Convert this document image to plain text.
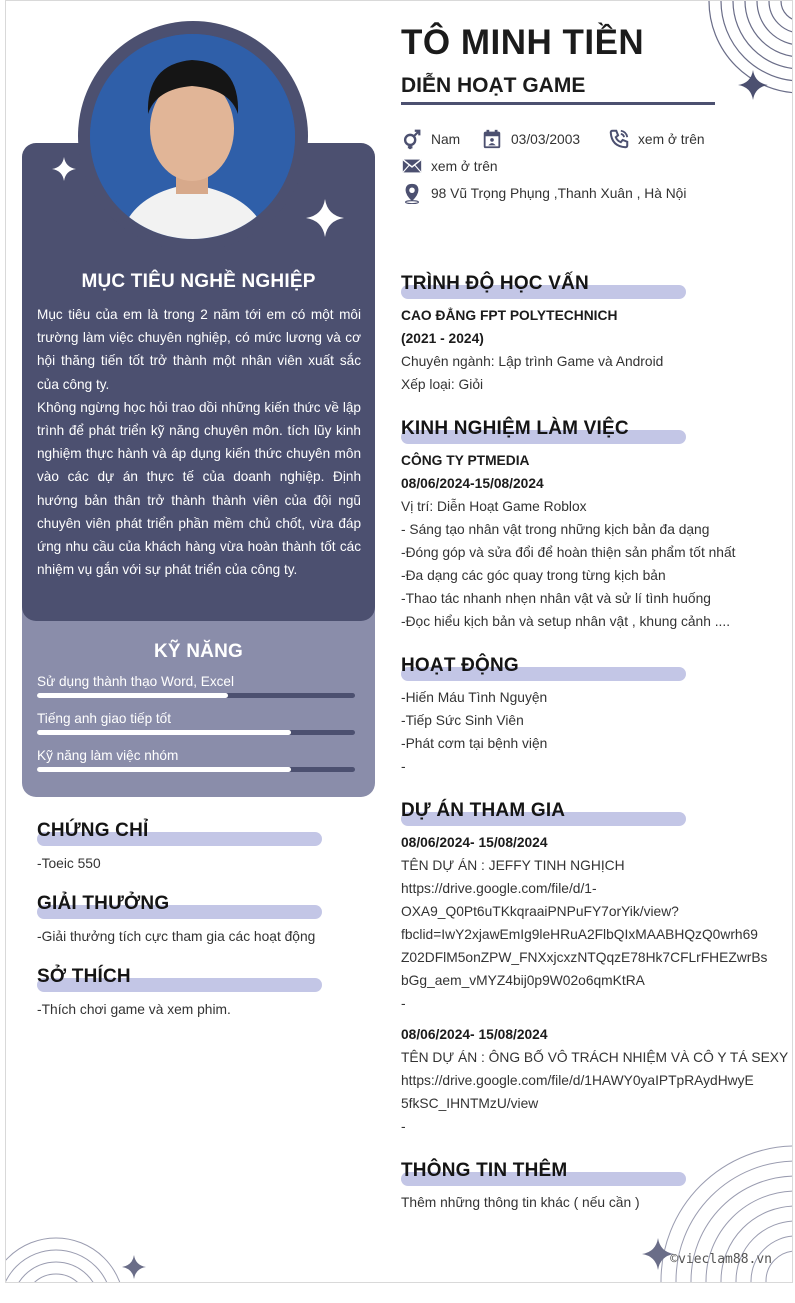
MỤC TIÊU NGHỀ NGHIỆP

Mục tiêu của em là trong 2 năm tới em có một môi trường làm việc chuyên nghiệp, có mức lương và cơ hội thăng tiến tốt trở thành một nhân viên xuất sắc của công ty.

Không ngừng học hỏi trao dồi những kiến thức về lập trình để phát triển kỹ năng chuyên môn. tích lũy kinh nghiệm thực hành và áp dụng kiến thức chuyên môn vào các dự án thực tế của doanh nghiệp. Định hướng bản thân trở thành thành viên của đội ngũ chuyên viên phát triển phần mềm chủ chốt, vừa đáp ứng nhu cầu của khách hàng vừa hoàn thành tốt các nhiệm vụ gắn với sự phát triển của công ty.

KỸ NĂNG
Sử dụng thành thạo Word, Excel
Tiếng anh giao tiếp tốt
Kỹ năng làm việc nhóm
CHỨNG CHỈ
-Toeic 550
GIẢI THƯỞNG
-Giải thưởng tích cực tham gia các hoạt động
SỞ THÍCH
-Thích chơi game và xem phim.
TÔ MINH TIỀN
DIỄN HOẠT GAME
Nam	03/03/2003	xem ở trên
xem ở trên
98 Vũ Trọng Phụng ,Thanh Xuân , Hà Nội
TRÌNH ĐỘ HỌC VẤN
CAO ĐẲNG FPT POLYTECHNICH
(2021 - 2024)
Chuyên ngành: Lập trình Game và Android
Xếp loại: Giỏi
KINH NGHIỆM LÀM VIỆC
CÔNG TY PTMEDIA
08/06/2024-15/08/2024
Vị trí: Diễn Hoạt Game Roblox
- Sáng tạo nhân vật trong những kịch bản đa dạng
-Đóng góp và sửa đổi để hoàn thiện sản phẩm tốt nhất
-Đa dạng các góc quay trong từng kịch bản
-Thao tác nhanh nhẹn nhân vật và sử lí tình huống
-Đọc hiểu kịch bản và setup nhân vật , khung cảnh ....
HOẠT ĐỘNG
-Hiến Máu Tình Nguyện
-Tiếp Sức Sinh Viên
-Phát cơm tại bệnh viện
-
DỰ ÁN THAM GIA
08/06/2024- 15/08/2024
TÊN DỰ ÁN : JEFFY TINH NGHỊCH
https://drive.google.com/file/d/1-
OXA9_Q0Pt6uTKkqraaiPNPuFY7orYik/view?
fbclid=IwY2xjawEmIg9leHRuA2FlbQIxMAABHQzQ0wrh69
Z02DFlM5onZPW_FNXxjcxzNTQqzE78Hk7CFLrFHEZwrBs
bGg_aem_vMYZ4bij0p9W02o6qmKtRA
-
08/06/2024- 15/08/2024
TÊN DỰ ÁN : ÔNG BỐ VÔ TRÁCH NHIỆM VÀ CÔ Y TÁ SEXY
https://drive.google.com/file/d/1HAWY0yaIPTpRAydHwyE
5fkSC_IHNTMzU/view
-
THÔNG TIN THÊM
Thêm những thông tin khác ( nếu cần )
©vieclam88.vn
